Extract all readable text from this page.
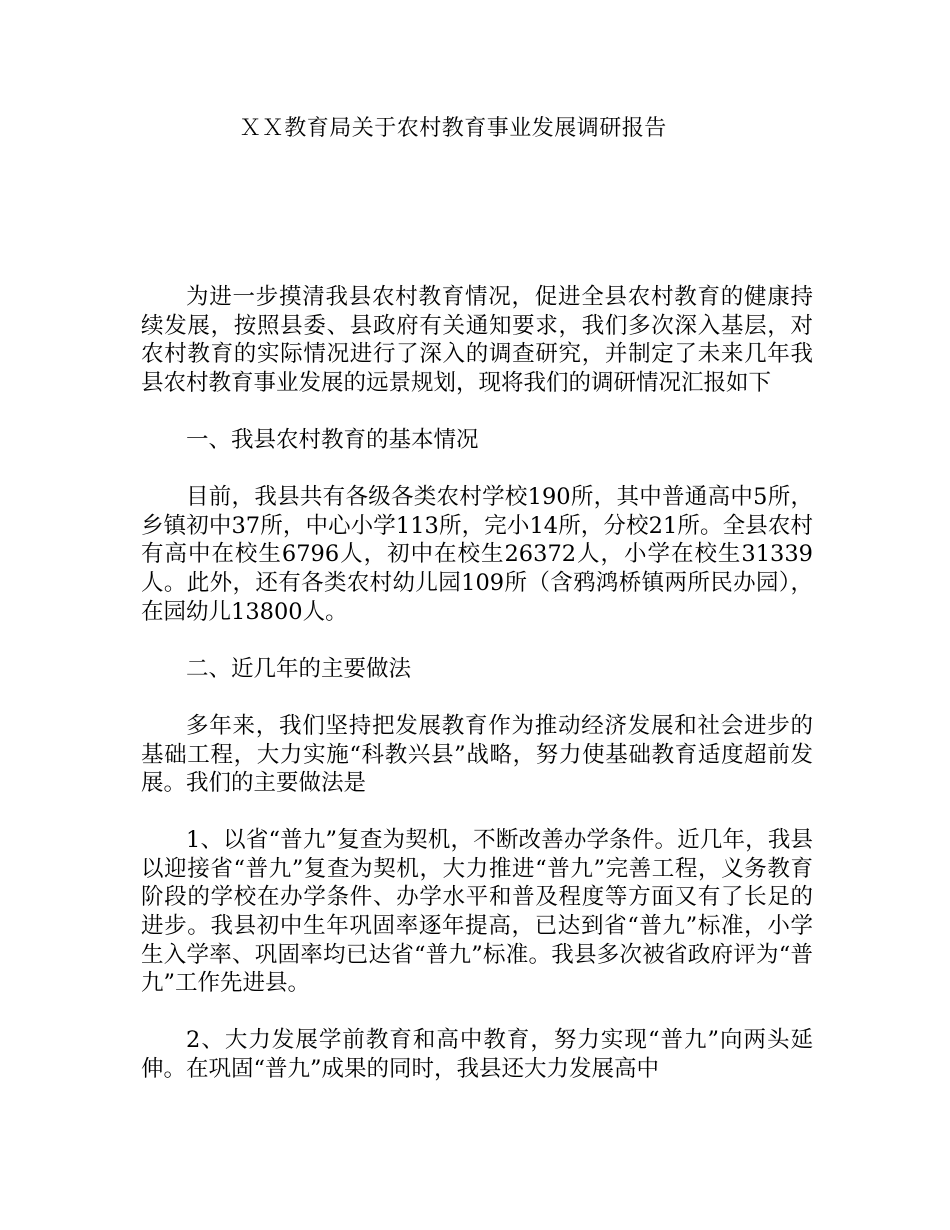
ＸＸ教育局关于农村教育事业发展调研报告

为进一步摸清我县农村教育情况，促进全县农村教育的健康持续发展，按照县委、县政府有关通知要求，我们多次深入基层，对农村教育的实际情况进行了深入的调查研究，并制定了未来几年我县农村教育事业发展的远景规划，现将我们的调研情况汇报如下

一、我县农村教育的基本情况

目前，我县共有各级各类农村学校190所，其中普通高中5所，乡镇初中37所，中心小学113所，完小14所，分校21所。全县农村有高中在校生6796人，初中在校生26372人，小学在校生31339人。此外，还有各类农村幼儿园109所（含鸦鸿桥镇两所民办园），在园幼儿13800人。

二、近几年的主要做法

多年来，我们坚持把发展教育作为推动经济发展和社会进步的基础工程，大力实施“科教兴县”战略，努力使基础教育适度超前发展。我们的主要做法是

1、以省“普九”复查为契机，不断改善办学条件。近几年，我县以迎接省“普九”复查为契机，大力推进“普九”完善工程，义务教育阶段的学校在办学条件、办学水平和普及程度等方面又有了长足的进步。我县初中生年巩固率逐年提高，已达到省“普九”标准，小学生入学率、巩固率均已达省“普九”标准。我县多次被省政府评为“普九”工作先进县。

2、大力发展学前教育和高中教育，努力实现“普九”向两头延伸。在巩固“普九”成果的同时，我县还大力发展高中
